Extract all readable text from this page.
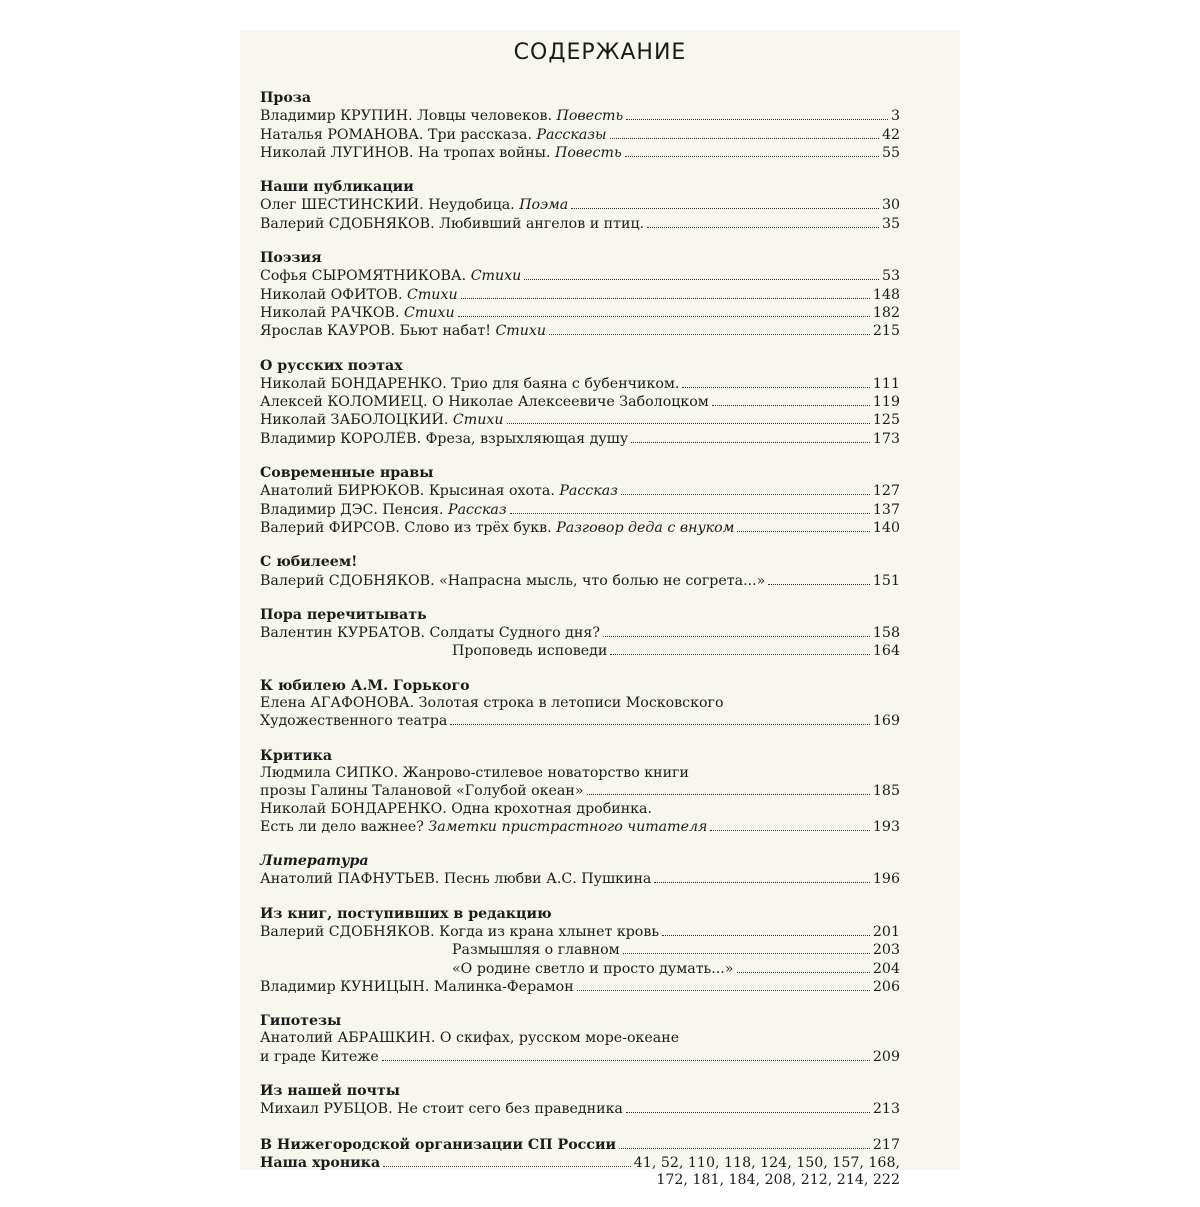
СОДЕРЖАНИЕ
Проза
Владимир КРУПИН. Ловцы человеков. Повесть	3
Наталья РОМАНОВА. Три рассказа. Рассказы	42
Николай ЛУГИНОВ. На тропах войны. Повесть	55
Наши публикации
Олег ШЕСТИНСКИЙ. Неудобица. Поэма	30
Валерий СДОБНЯКОВ. Любивший ангелов и птиц.	35
Поэзия
Софья СЫРОМЯТНИКОВА. Стихи	53
Николай ОФИТОВ. Стихи	148
Николай РАЧКОВ. Стихи	182
Ярослав КАУРОВ. Бьют набат! Стихи	215
О русских поэтах
Николай БОНДАРЕНКО. Трио для баяна с бубенчиком.	111
Алексей КОЛОМИЕЦ. О Николае Алексеевиче Заболоцком	119
Николай ЗАБОЛОЦКИЙ. Стихи	125
Владимир КОРОЛЁВ. Фреза, взрыхляющая душу	173
Современные нравы
Анатолий БИРЮКОВ. Крысиная охота. Рассказ	127
Владимир ДЭС. Пенсия. Рассказ	137
Валерий ФИРСОВ. Слово из трёх букв. Разговор деда с внуком	140
С юбилеем!
Валерий СДОБНЯКОВ. «Напрасна мысль, что болью не согрета...»	151
Пора перечитывать
Валентин КУРБАТОВ. Солдаты Судного дня?	158
Проповедь исповеди	164
К юбилею А.М. Горького
Елена АГАФОНОВА. Золотая строка в летописи Московского
Художественного театра	169
Критика
Людмила СИПКО. Жанрово-стилевое новаторство книги
прозы Галины Талановой «Голубой океан»	185
Николай БОНДАРЕНКО. Одна крохотная дробинка.
Есть ли дело важнее? Заметки пристрастного читателя	193
Литература
Анатолий ПАФНУТЬЕВ. Песнь любви А.С. Пушкина	196
Из книг, поступивших в редакцию
Валерий СДОБНЯКОВ. Когда из крана хлынет кровь	201
Размышляя о главном	203
«О родине светло и просто думать...»	204
Владимир КУНИЦЫН. Малинка-Ферамон	206
Гипотезы
Анатолий АБРАШКИН. О скифах, русском море-океане
и граде Китеже	209
Из нашей почты
Михаил РУБЦОВ. Не стоит сего без праведника	213
В Нижегородской организации СП России	217
Наша хроника	41, 52, 110, 118, 124, 150, 157, 168,
172, 181, 184, 208, 212, 214, 222
